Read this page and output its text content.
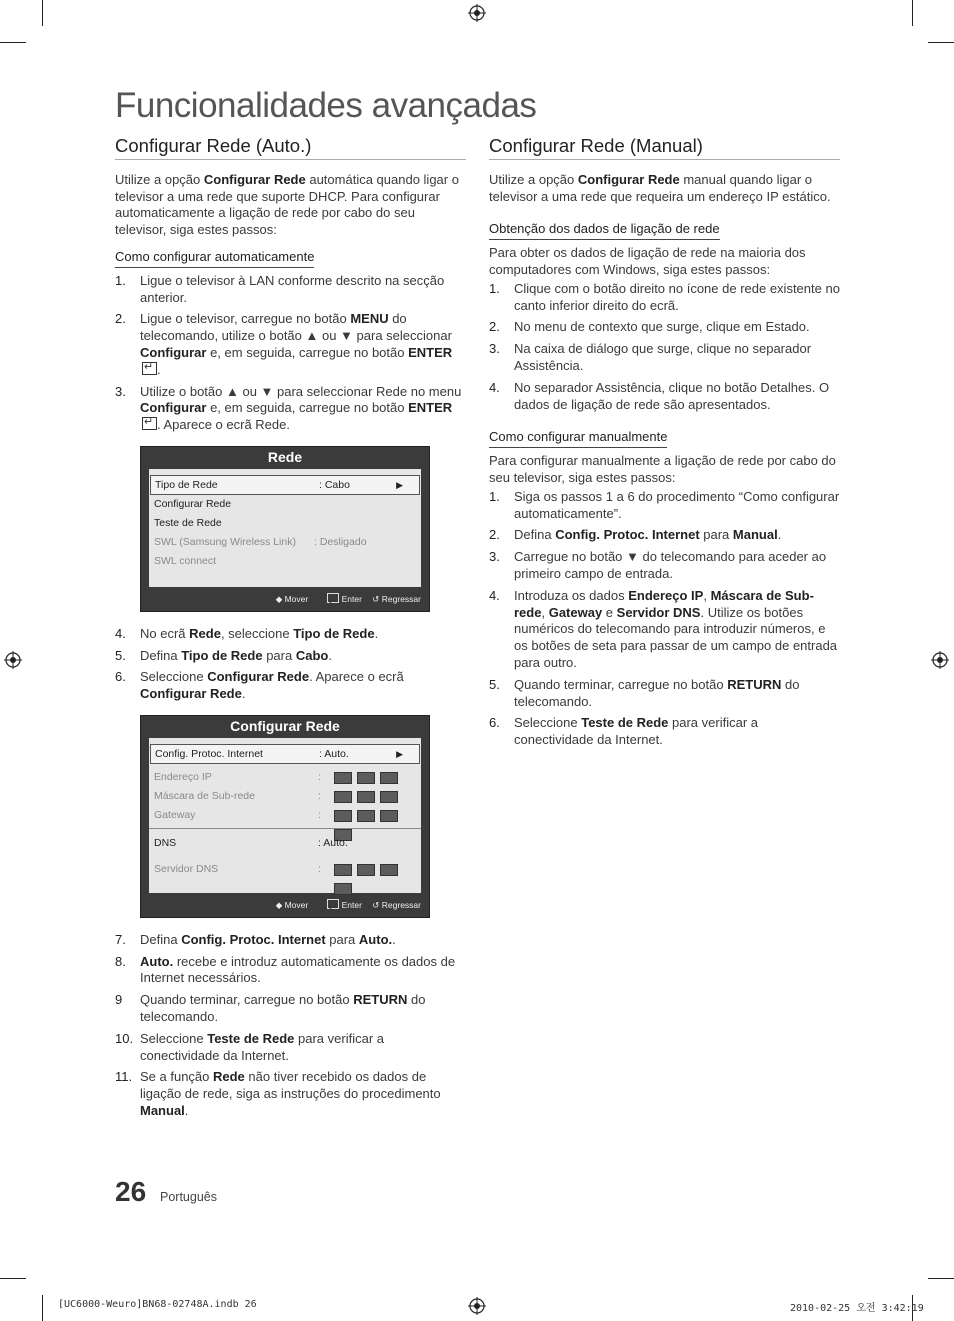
Funcionalidades avançadas
Configurar Rede (Auto.)

Utilize a opção Configurar Rede automática quando ligar o televisor a uma rede que suporte DHCP. Para configurar automaticamente a ligação de rede por cabo do seu televisor, siga estes passos:

Como configurar automaticamente
1. Ligue o televisor à LAN conforme descrito na secção anterior.
2. Ligue o televisor, carregue no botão MENU do telecomando, utilize o botão ▲ ou ▼ para seleccionar Configurar e, em seguida, carregue no botão ENTER↵.
3. Utilize o botão ▲ ou ▼ para seleccionar Rede no menu Configurar e, em seguida, carregue no botão ENTER↵. Aparece o ecrã Rede.
Rede
Tipo de Rede	: Cabo	▶
Configurar Rede
Teste de Rede
SWL (Samsung Wireless Link) : Desligado
SWL connect
◆ Mover ↵	Enter ↺ Regressar
4. No ecrã Rede, seleccione Tipo de Rede.
5. Defina Tipo de Rede para Cabo.
6. Seleccione Configurar Rede. Aparece o ecrã Configurar Rede.
Configurar Rede
Config. Protoc. Internet	: Auto.	▶
Endereço IP	:
Máscara de Sub-rede	:
Gateway	:
DNS	: Auto.
Servidor DNS	:
◆ Mover ↵	Enter ↺ Regressar
7. Defina Config. Protoc. Internet para Auto..
8. Auto. recebe e introduz automaticamente os dados de Internet necessários.
9 Quando terminar, carregue no botão RETURN do telecomando.
10. Seleccione Teste de Rede para verificar a conectividade da Internet.
11. Se a função Rede não tiver recebido os dados de ligação de rede, siga as instruções do procedimento Manual.
Configurar Rede (Manual)

Utilize a opção Configurar Rede manual quando ligar o televisor a uma rede que requeira um endereço IP estático.

Obtenção dos dados de ligação de rede

Para obter os dados de ligação de rede na maioria dos computadores com Windows, siga estes passos:

1. Clique com o botão direito no ícone de rede existente no canto inferior direito do ecrã.
2. No menu de contexto que surge, clique em Estado.
3. Na caixa de diálogo que surge, clique no separador Assistência.
4. No separador Assistência, clique no botão Detalhes. O dados de ligação de rede são apresentados.
Como configurar manualmente

Para configurar manualmente a ligação de rede por cabo do seu televisor, siga estes passos:

1. Siga os passos 1 a 6 do procedimento “Como configurar automaticamente”.
2. Defina Config. Protoc. Internet para Manual.
3. Carregue no botão ▼ do telecomando para aceder ao primeiro campo de entrada.
4. Introduza os dados Endereço IP, Máscara de Sub-rede, Gateway e Servidor DNS. Utilize os botões numéricos do telecomando para introduzir números, e os botões de seta para passar de um campo de entrada para outro.
5. Quando terminar, carregue no botão RETURN do telecomando.
6. Seleccione Teste de Rede para verificar a conectividade da Internet.
26 Português
[UC6000-Weuro]BN68-02748A.indb 26	2010-02-25 오전 3:42:19
